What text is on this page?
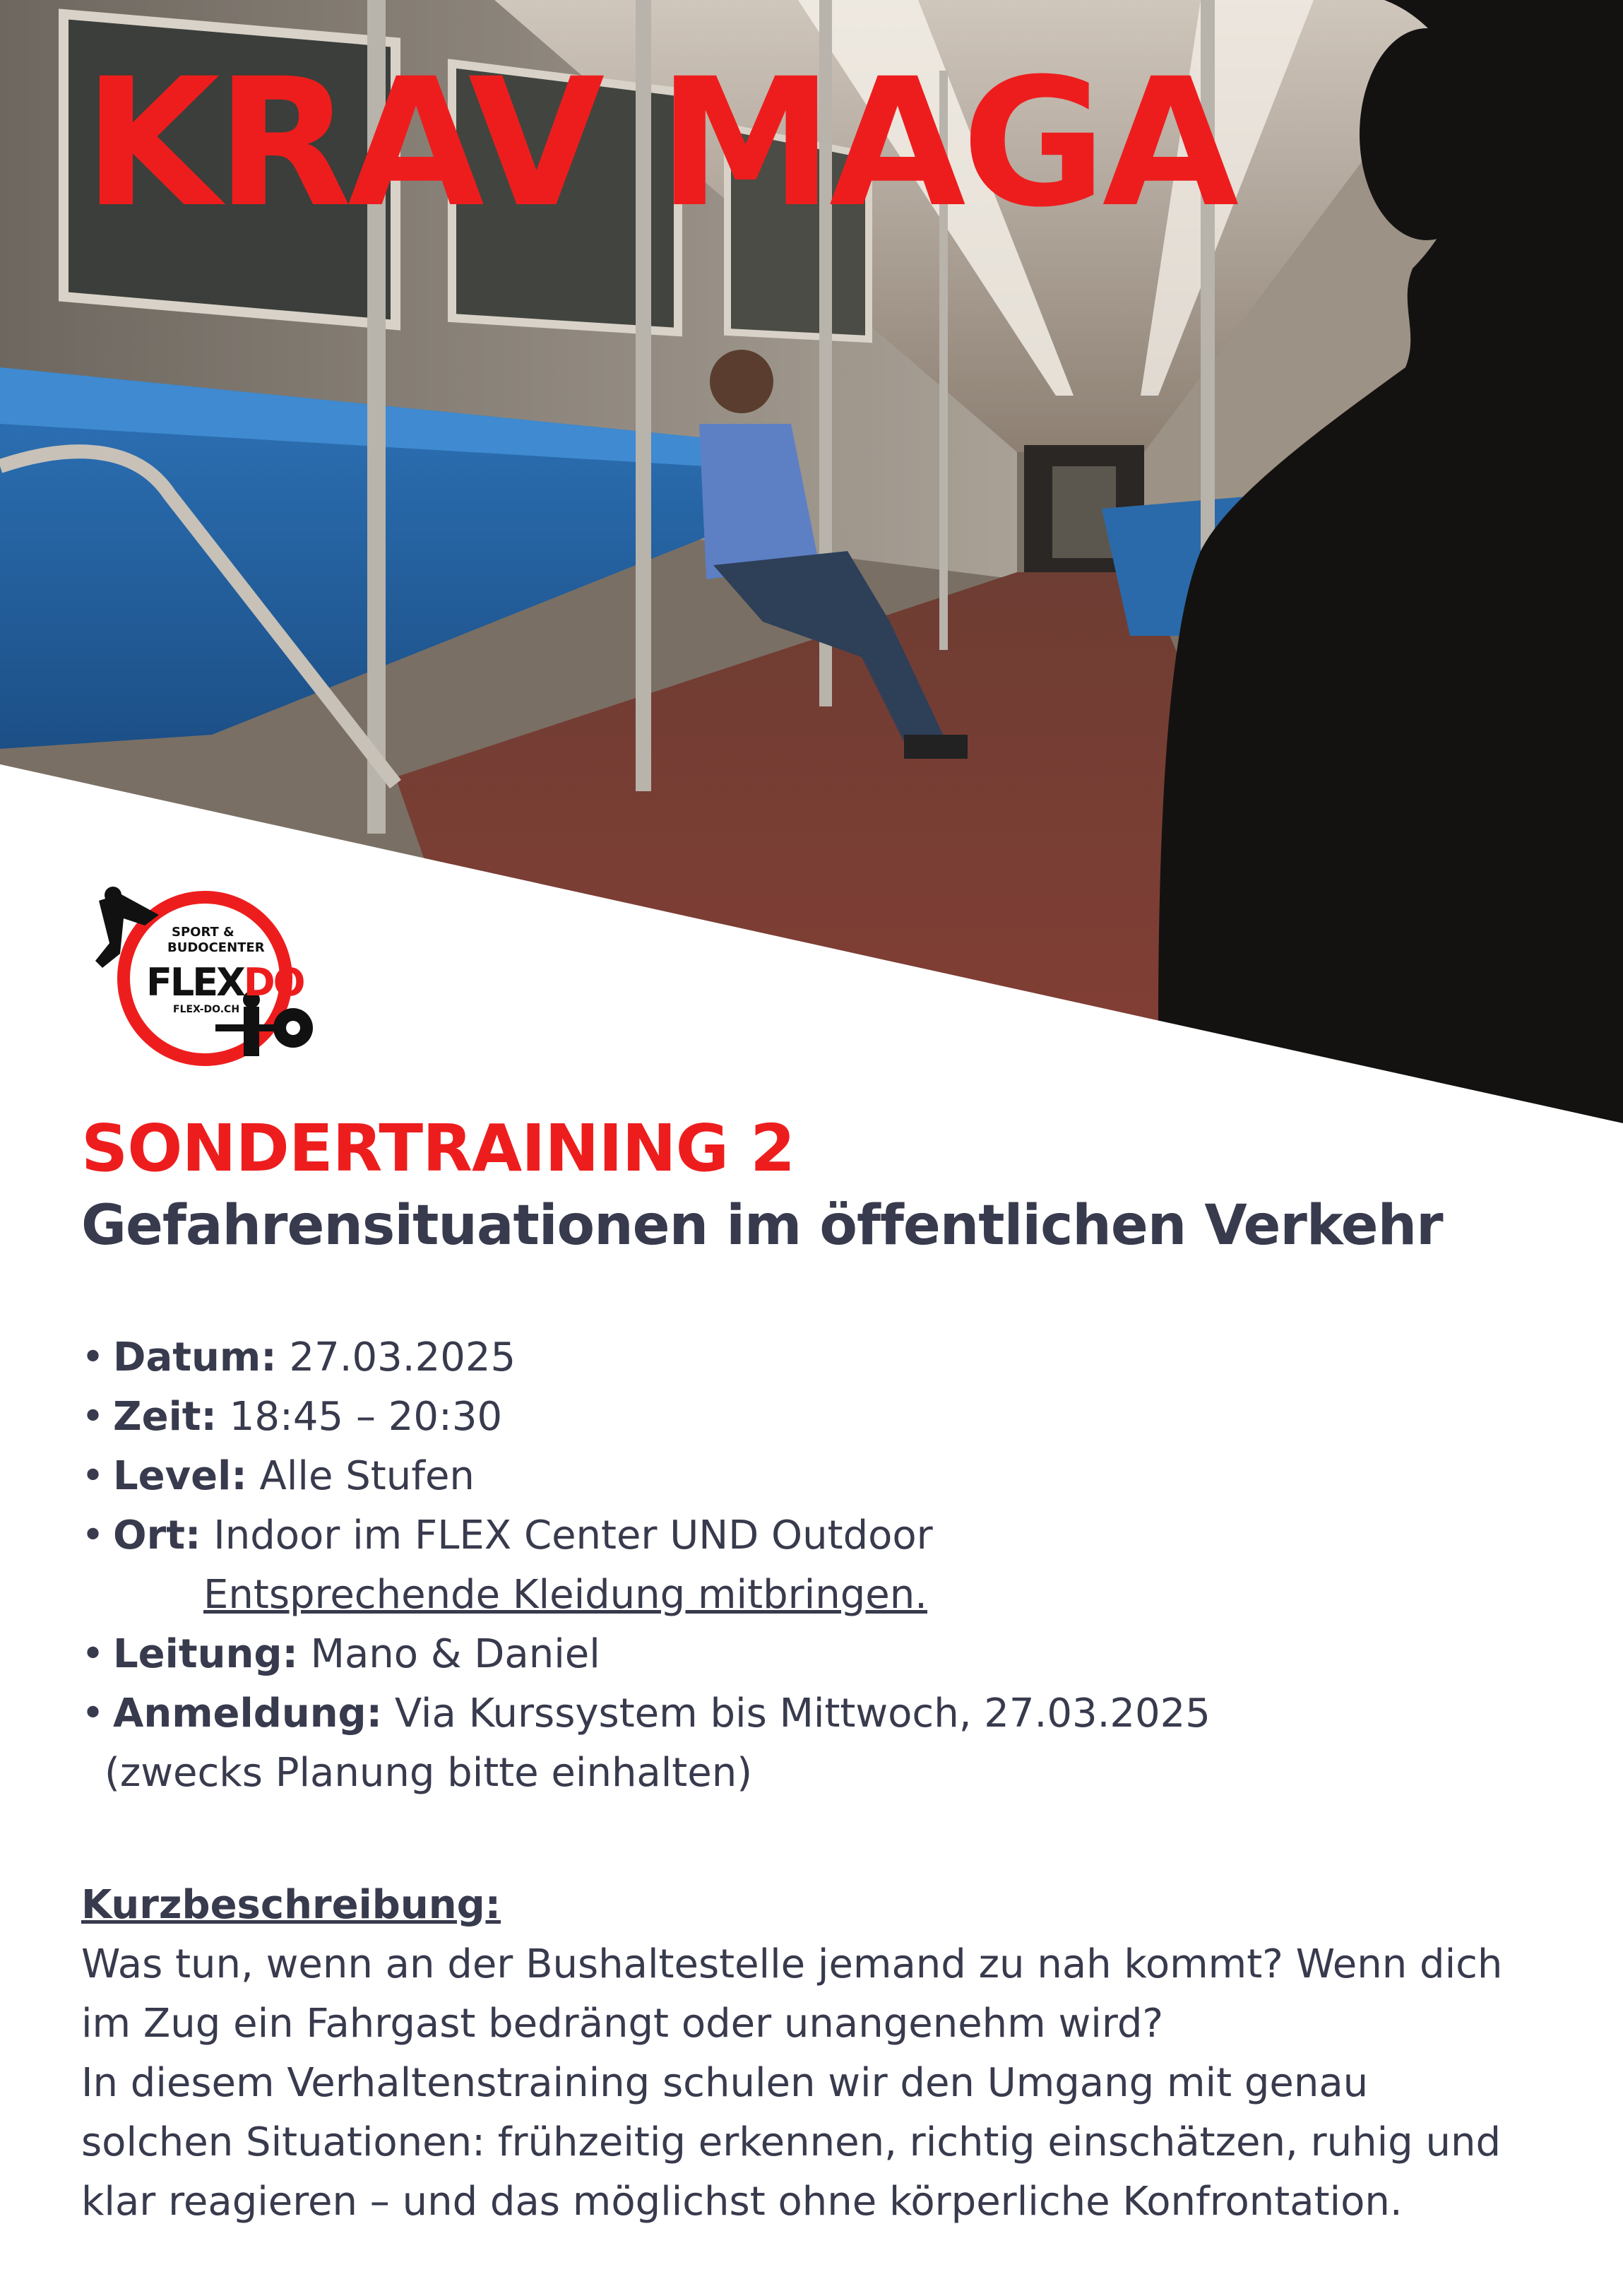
KRAV MAGA
SPORT &
BUDOCENTER
FLEXDO
FLEX-DO.CH
SONDERTRAINING 2
Gefahrensituationen im öffentlichen Verkehr
• Datum: 27.03.2025
• Zeit: 18:45 – 20:30
• Level: Alle Stufen
• Ort: Indoor im FLEX Center UND Outdoor
Entsprechende Kleidung mitbringen.
• Leitung: Mano & Daniel
• Anmeldung: Via Kurssystem bis Mittwoch, 27.03.2025
(zwecks Planung bitte einhalten)

Kurzbeschreibung:

Was tun, wenn an der Bushaltestelle jemand zu nah kommt? Wenn dich

im Zug ein Fahrgast bedrängt oder unangenehm wird?

In diesem Verhaltenstraining schulen wir den Umgang mit genau

solchen Situationen: frühzeitig erkennen, richtig einschätzen, ruhig und

klar reagieren – und das möglichst ohne körperliche Konfrontation.
